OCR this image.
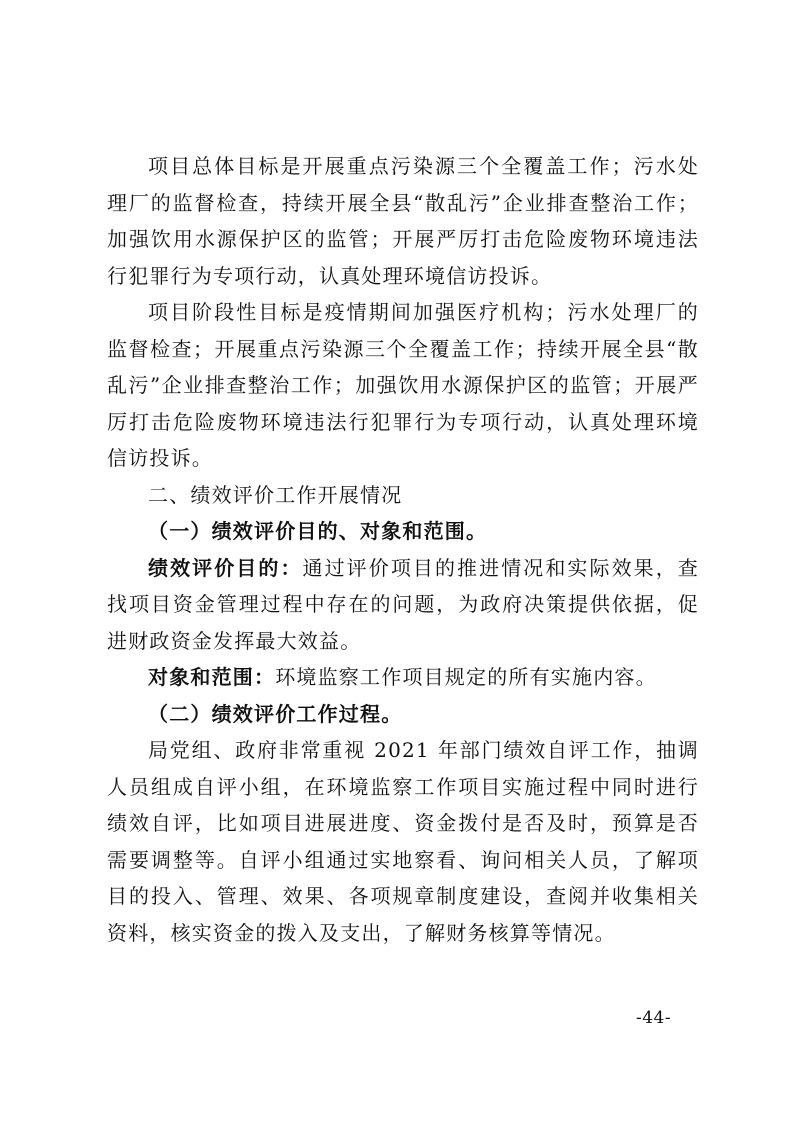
项目总体目标是开展重点污染源三个全覆盖工作；污水处理厂的监督检查，持续开展全县“散乱污”企业排查整治工作；加强饮用水源保护区的监管；开展严厉打击危险废物环境违法行犯罪行为专项行动，认真处理环境信访投诉。

项目阶段性目标是疫情期间加强医疗机构；污水处理厂的监督检查；开展重点污染源三个全覆盖工作；持续开展全县“散乱污”企业排查整治工作；加强饮用水源保护区的监管；开展严厉打击危险废物环境违法行犯罪行为专项行动，认真处理环境信访投诉。

二、绩效评价工作开展情况

（一）绩效评价目的、对象和范围。

绩效评价目的：通过评价项目的推进情况和实际效果，查找项目资金管理过程中存在的问题，为政府决策提供依据，促进财政资金发挥最大效益。

对象和范围：环境监察工作项目规定的所有实施内容。

（二）绩效评价工作过程。

局党组、政府非常重视 2021 年部门绩效自评工作，抽调人员组成自评小组，在环境监察工作项目实施过程中同时进行绩效自评，比如项目进展进度、资金拨付是否及时，预算是否需要调整等。自评小组通过实地察看、询问相关人员，了解项目的投入、管理、效果、各项规章制度建设，查阅并收集相关资料，核实资金的拨入及支出，了解财务核算等情况。

-44-
